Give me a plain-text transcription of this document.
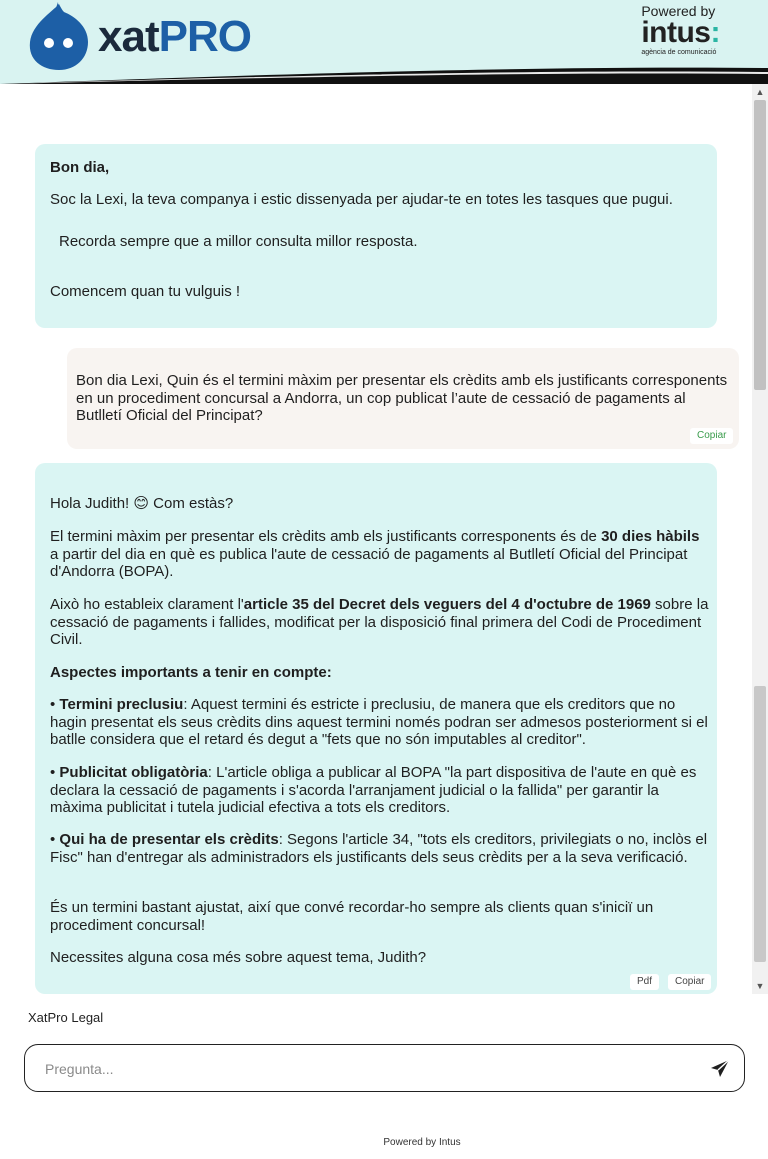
xatPRO
Powered by
intus:
agència de comunicació

Bon dia,

Soc la Lexi, la teva companya i estic dissenyada per ajudar-te en totes les tasques que pugui.

Recorda sempre que a millor consulta millor resposta.

Comencem quan tu vulguis !

Bon dia Lexi, Quin és el termini màxim per presentar els crèdits amb els justificants corresponents en un procediment concursal a Andorra, un cop publicat l’aute de cessació de pagaments al Butlletí Oficial del Principat?

Copiar

Hola Judith! 😊 Com estàs?

El termini màxim per presentar els crèdits amb els justificants corresponents és de 30 dies hàbils a partir del dia en què es publica l'aute de cessació de pagaments al Butlletí Oficial del Principat d'Andorra (BOPA).

Això ho estableix clarament l'article 35 del Decret dels veguers del 4 d'octubre de 1969 sobre la cessació de pagaments i fallides, modificat per la disposició final primera del Codi de Procediment Civil.

Aspectes importants a tenir en compte:

• Termini preclusiu: Aquest termini és estricte i preclusiu, de manera que els creditors que no hagin presentat els seus crèdits dins aquest termini només podran ser admesos posteriorment si el batlle considera que el retard és degut a "fets que no són imputables al creditor".

• Publicitat obligatòria: L'article obliga a publicar al BOPA "la part dispositiva de l'aute en què es declara la cessació de pagaments i s'acorda l'arranjament judicial o la fallida" per garantir la màxima publicitat i tutela judicial efectiva a tots els creditors.

• Qui ha de presentar els crèdits: Segons l'article 34, "tots els creditors, privilegiats o no, inclòs el Fisc" han d'entregar als administradors els justificants dels seus crèdits per a la seva verificació.

És un termini bastant ajustat, així que convé recordar-ho sempre als clients quan s'iniciï un procediment concursal!

Necessites alguna cosa més sobre aquest tema, Judith?

Pdf	Copiar
▲
▼
XatPro Legal
Pregunta...
Powered by Intus
